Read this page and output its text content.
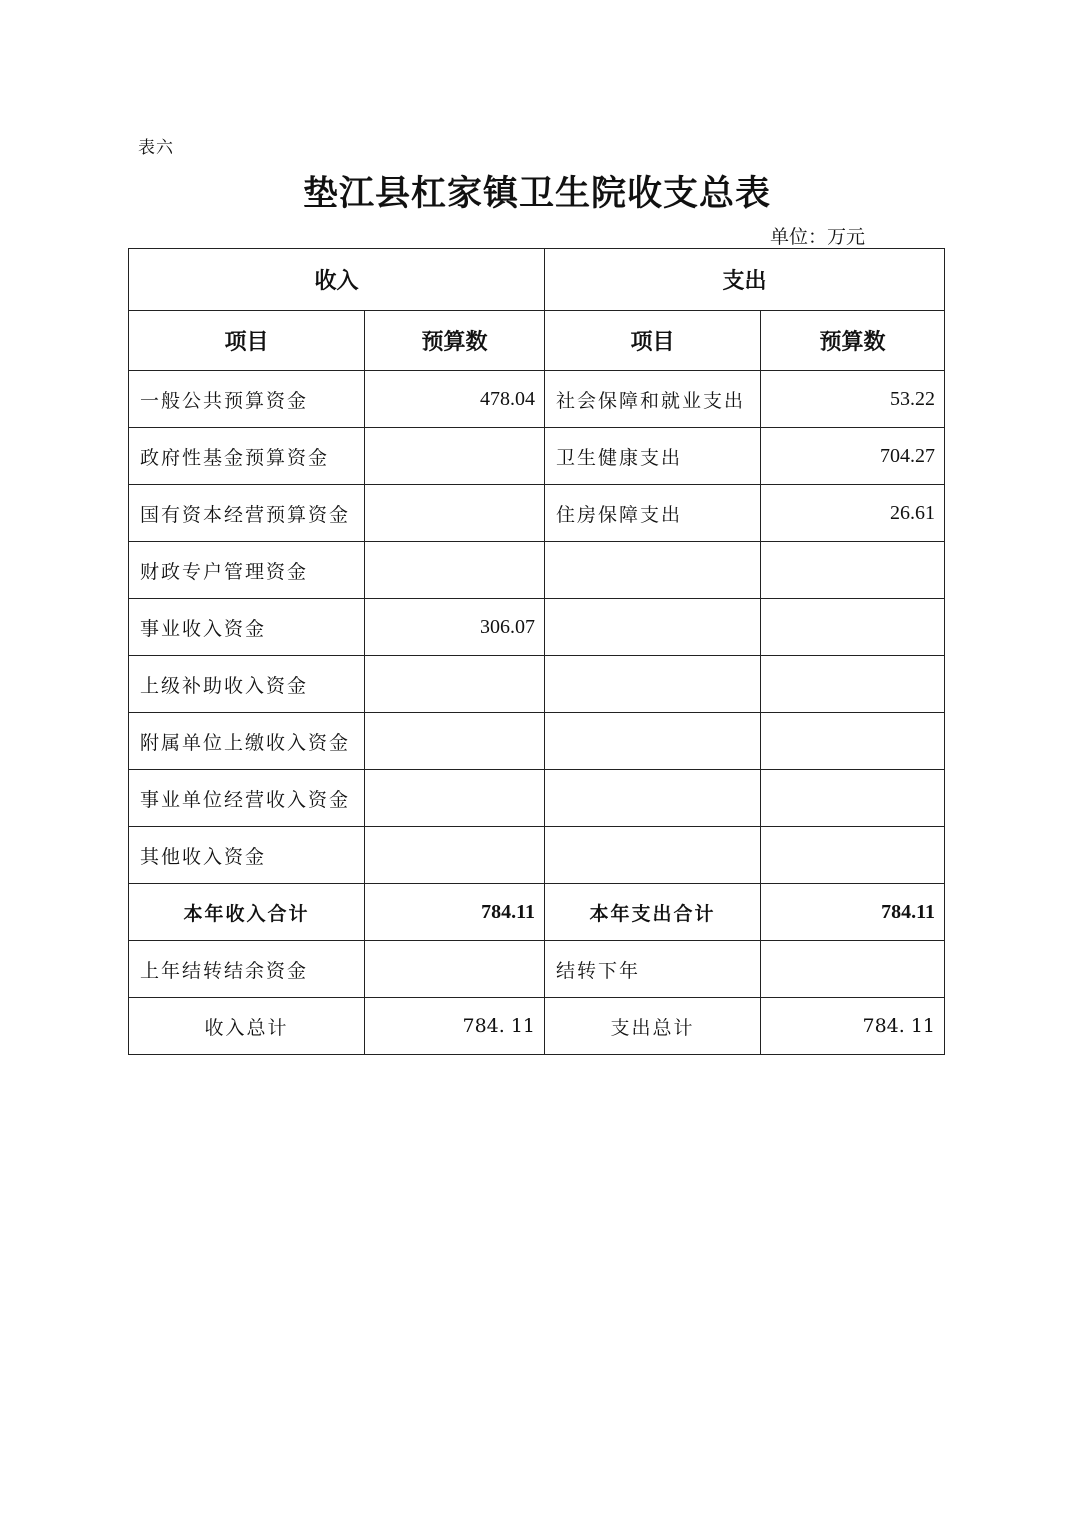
表六
垫江县杠家镇卫生院收支总表
单位：万元
收入		支出	
项目	预算数	项目	预算数
一般公共预算资金	478.04	社会保障和就业支出	53.22
政府性基金预算资金		卫生健康支出	704.27
国有资本经营预算资金		住房保障支出	26.61
财政专户管理资金			
事业收入资金	306.07		
上级补助收入资金			
附属单位上缴收入资金			
事业单位经营收入资金			
其他收入资金			
本年收入合计	784.11	本年支出合计	784.11
上年结转结余资金		结转下年	
收入总计	784. 11	支出总计	784. 11
